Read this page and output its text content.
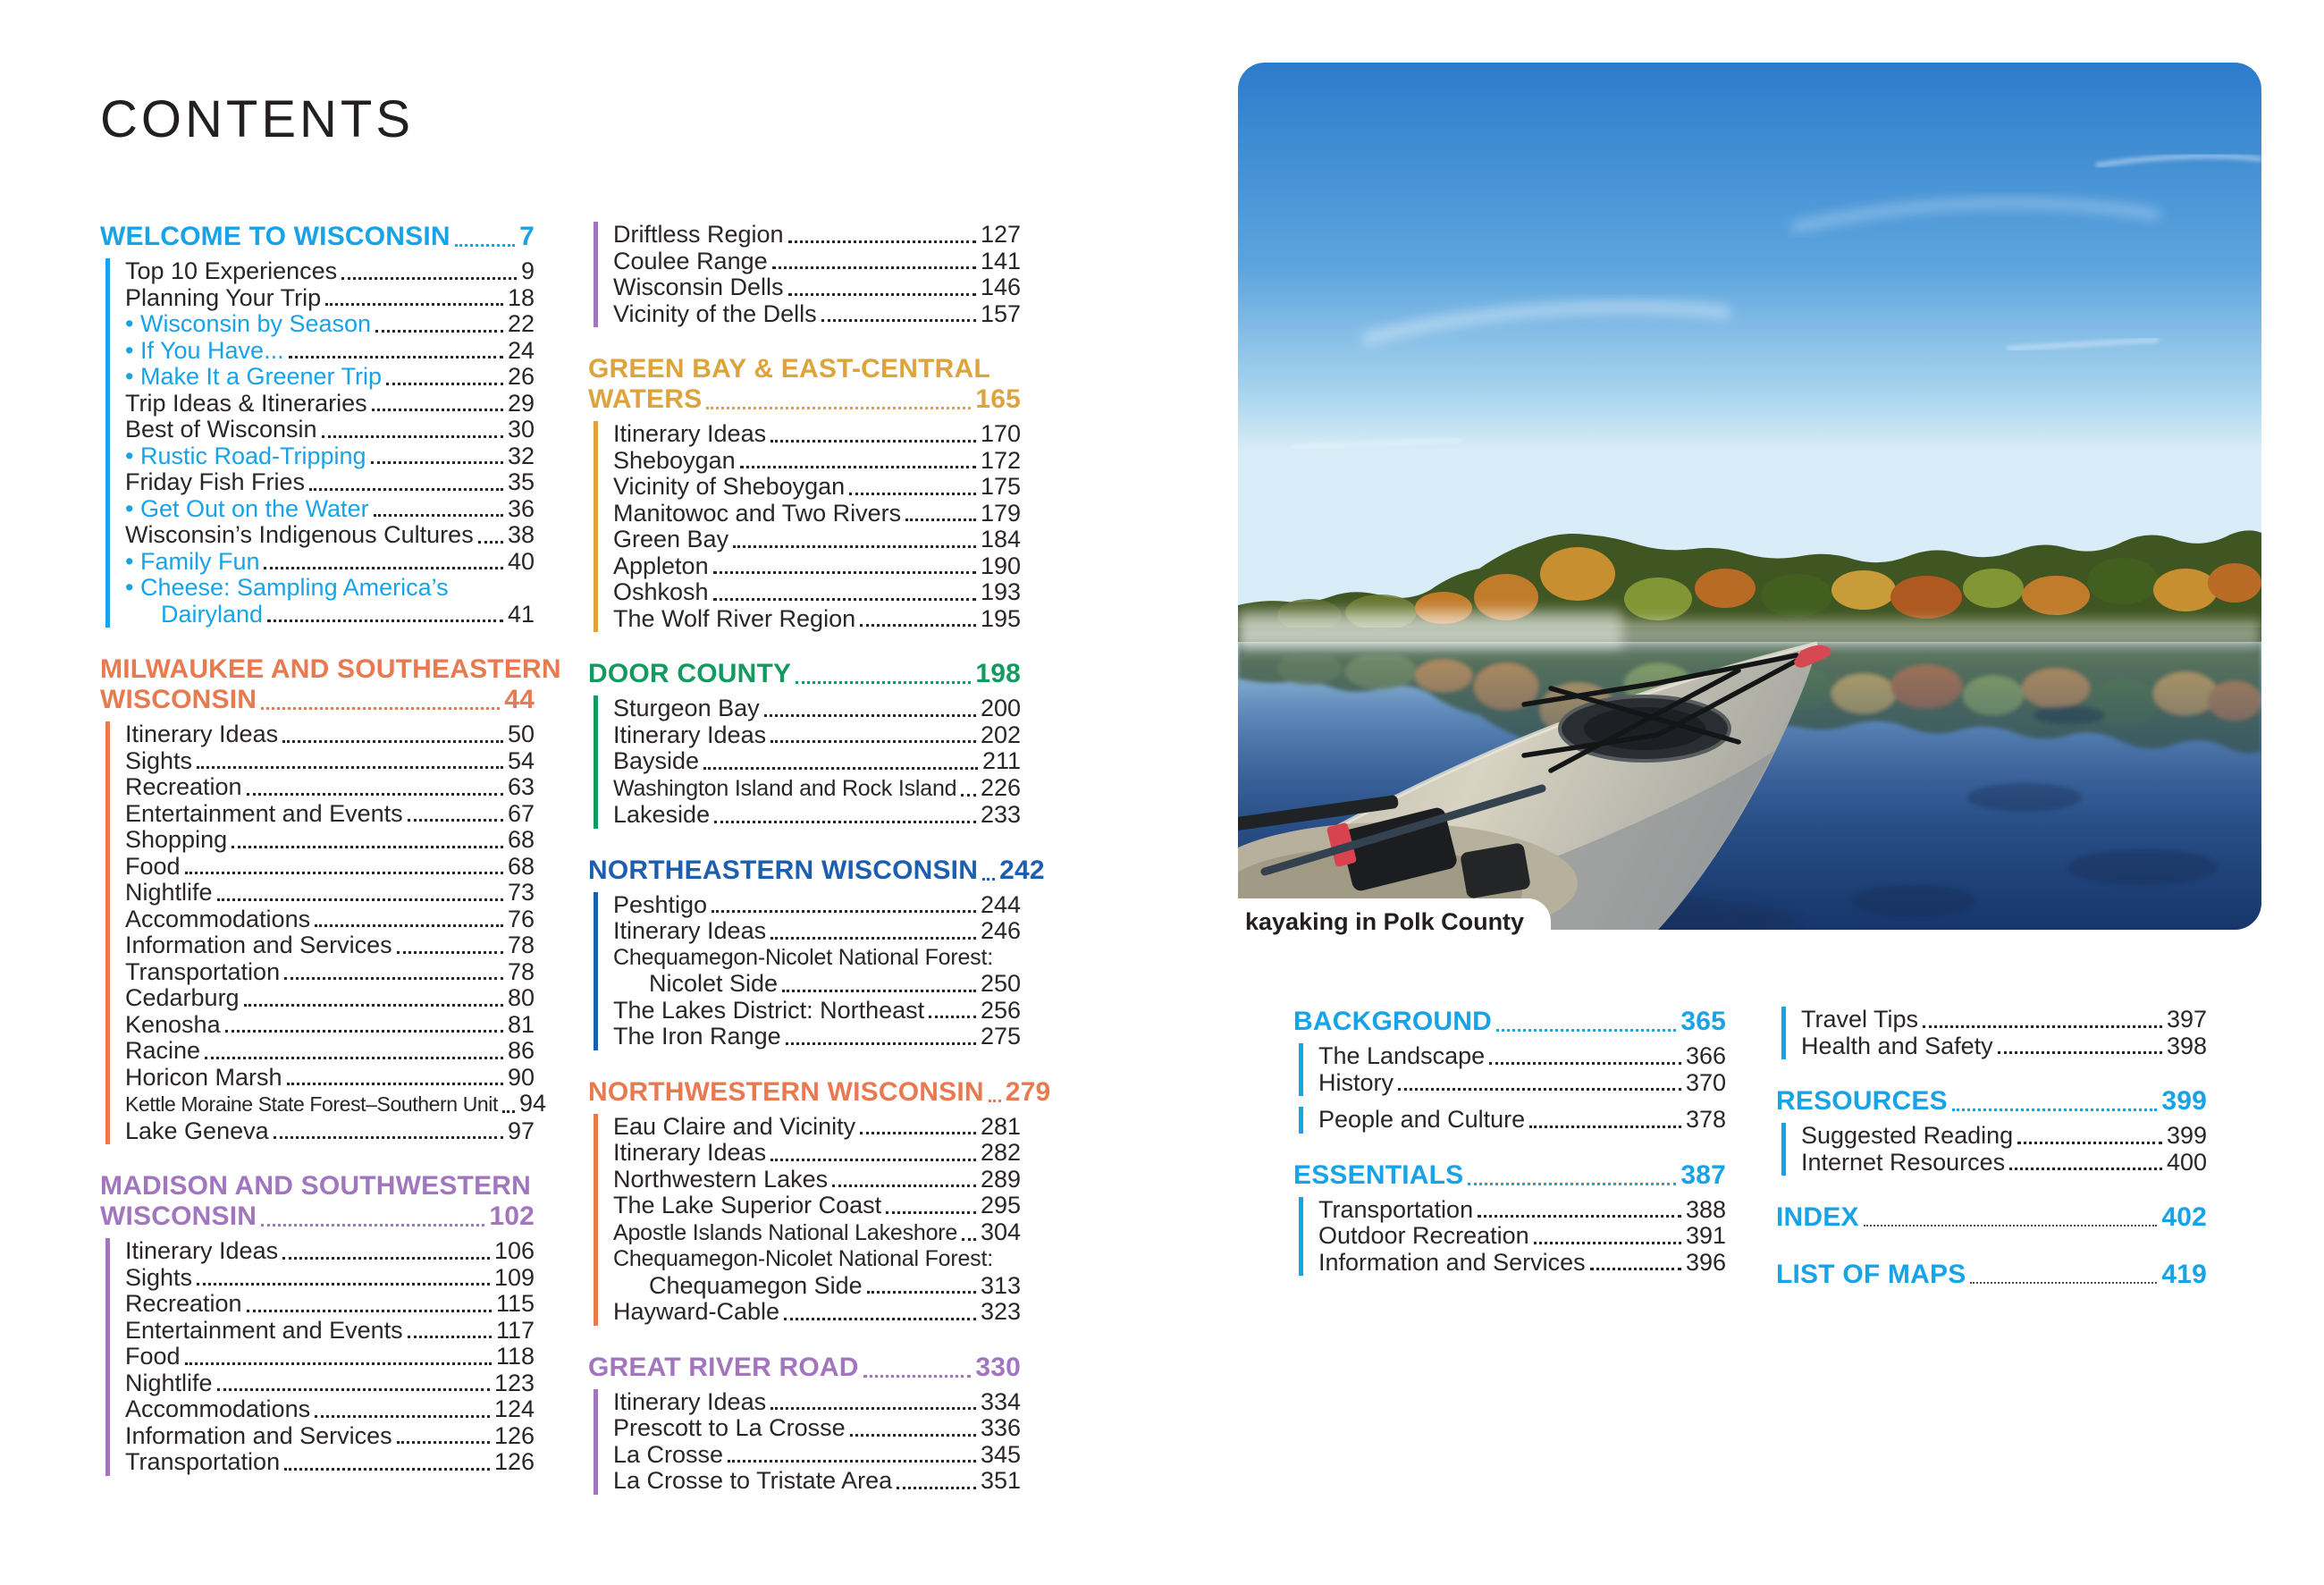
CONTENTS
WELCOME TO WISCONSIN	7
Top 10 Experiences	9
Planning Your Trip	18
• Wisconsin by Season	22
• If You Have...	24
• Make It a Greener Trip	26
Trip Ideas & Itineraries	29
Best of Wisconsin	30
• Rustic Road-Tripping	32
Friday Fish Fries	35
• Get Out on the Water	36
Wisconsin’s Indigenous Cultures 38
• Family Fun	40
• Cheese: Sampling America’s
Dairyland	41
MILWAUKEE AND SOUTHEASTERN
WISCONSIN	44
Itinerary Ideas	50
Sights	54
Recreation	63
Entertainment and Events	67
Shopping	68
Food	68
Nightlife	73
Accommodations	76
Information and Services	78
Transportation	78
Cedarburg	80
Kenosha	81
Racine	86
Horicon Marsh	90
Kettle Moraine State Forest–Southern Unit 94
Lake Geneva	97
MADISON AND SOUTHWESTERN
WISCONSIN	102
Itinerary Ideas	106
Sights	109
Recreation	115
Entertainment and Events	117
Food	118
Nightlife	123
Accommodations	124
Information and Services	126
Transportation	126
Driftless Region	127
Coulee Range	141
Wisconsin Dells	146
Vicinity of the Dells	157
GREEN BAY & EAST-CENTRAL
WATERS	165
Itinerary Ideas	170
Sheboygan	172
Vicinity of Sheboygan	175
Manitowoc and Two Rivers	179
Green Bay	184
Appleton	190
Oshkosh	193
The Wolf River Region	195
DOOR COUNTY	198
Sturgeon Bay	200
Itinerary Ideas	202
Bayside	211
Washington Island and Rock Island 226
Lakeside	233
NORTHEASTERN WISCONSIN 242
Peshtigo	244
Itinerary Ideas	246
Chequamegon-Nicolet National Forest:
Nicolet Side	250
The Lakes District: Northeast 256
The Iron Range	275
NORTHWESTERN WISCONSIN 279
Eau Claire and Vicinity	281
Itinerary Ideas	282
Northwestern Lakes	289
The Lake Superior Coast	295
Apostle Islands National Lakeshore 304
Chequamegon-Nicolet National Forest:
Chequamegon Side	313
Hayward-Cable	323
GREAT RIVER ROAD	330
Itinerary Ideas	334
Prescott to La Crosse	336
La Crosse	345
La Crosse to Tristate Area	351
BACKGROUND	365
The Landscape	366
History	370
People and Culture	378
ESSENTIALS	387
Transportation	388
Outdoor Recreation	391
Information and Services	396
Travel Tips	397
Health and Safety	398
RESOURCES	399
Suggested Reading	399
Internet Resources	400
INDEX	402
LIST OF MAPS	419
kayaking in Polk County
